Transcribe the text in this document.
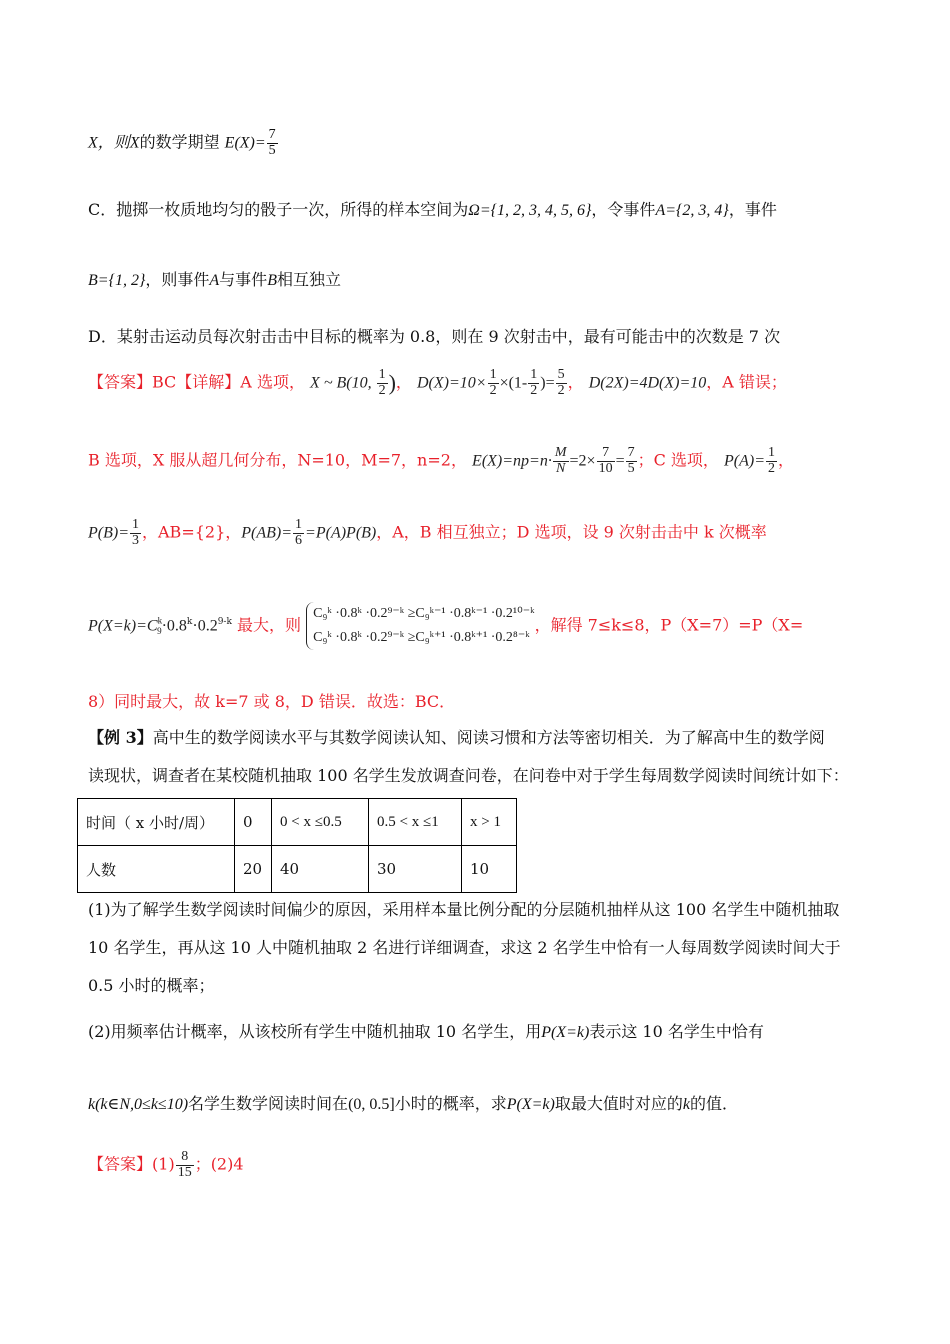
X，则X的数学期望 $E(X)= \frac{7}{5}$
C．抛掷一枚质地均匀的骰子一次，所得的样本空间为Ω={1, 2, 3, 4, 5, 6}，令事件A={2, 3, 4}，事件
B={1, 2}，则事件A与事件B相互独立
D．某射击运动员每次射击击中目标的概率为 0.8，则在 9 次射击中，最有可能击中的次数是 7 次
【答案】BC【详解】A 选项， X ~ B(10, $\frac{1}{2}$ )， $D(X)=10\times \frac{1}{2} \times(1- \frac{1}{2}$ )= $\frac{5}{2}$ ， D(2X)=4D(X)=10，A 错误；
B 选项，X 服从超几何分布，N=10，M=7，n=2， $E(X)=np=n\cdot \frac{M}{N} =2\times \frac{7}{10} = \frac{7}{5}$ ；C 选项， $P(A)= \frac{1}{2}$ ，
$P(B)= \frac{1}{3}$ ，AB={2}，$P(AB)= \frac{1}{6} =P(A)P(B)$，A，B 相互独立；D 选项，设 9 次射击击中 k 次概率
$P(X=k)=C^k_9\cdot 0.8^k\cdot 0.2^{9-k}$ 最大，则
C₉ᵏ ·0.8ᵏ ·0.2⁹⁻ᵏ ≥C₉ᵏ⁻¹ ·0.8ᵏ⁻¹ ·0.2¹⁰⁻ᵏ
C₉ᵏ ·0.8ᵏ ·0.2⁹⁻ᵏ ≥C₉ᵏ⁺¹ ·0.8ᵏ⁺¹ ·0.2⁸⁻ᵏ
，解得 7≤k≤8，P（X=7）=P（X=
8）同时最大，故 k=7 或 8，D 错误．故选：BC．
【例 3】高中生的数学阅读水平与其数学阅读认知、阅读习惯和方法等密切相关．为了解高中生的数学阅
读现状，调查者在某校随机抽取 100 名学生发放调查问卷，在问卷中对于学生每周数学阅读时间统计如下：
时间（ x 小时/周）	0	0 < x ≤0.5	0.5 < x ≤1	x > 1
人数	20	40	30	10
(1)为了解学生数学阅读时间偏少的原因，采用样本量比例分配的分层随机抽样从这 100 名学生中随机抽取
10 名学生，再从这 10 人中随机抽取 2 名进行详细调查，求这 2 名学生中恰有一人每周数学阅读时间大于
0.5 小时的概率；
(2)用频率估计概率，从该校所有学生中随机抽取 10 名学生，用P(X=k)表示这 10 名学生中恰有
k(k∈N,0≤k≤10)名学生数学阅读时间在(0, 0.5]小时的概率，求P(X=k)取最大值时对应的k的值．
【答案】$(1) \frac{8}{15}$ ；(2)4
